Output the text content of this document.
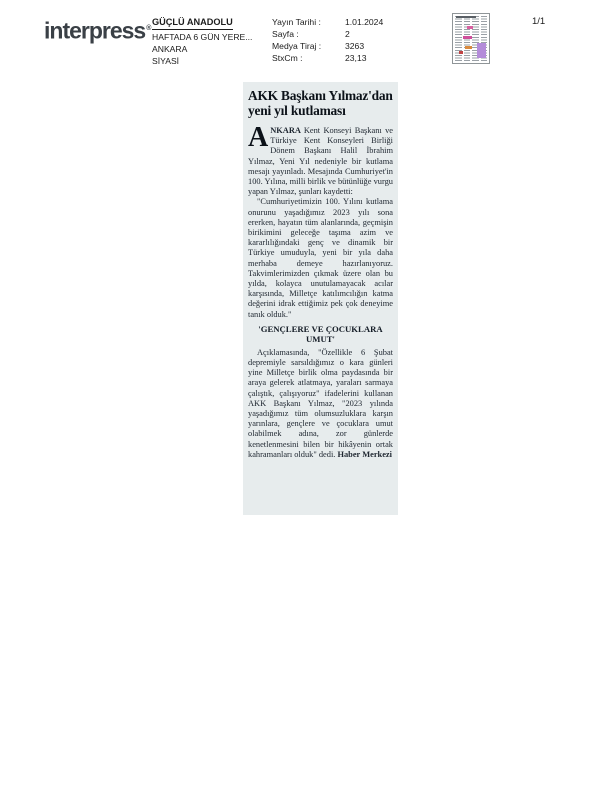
interpress®
GÜÇLÜ ANADOLU
HAFTADA 6 GÜN YERE...
ANKARA
SİYASİ
Yayın Tarihi :	1.01.2024
Sayfa :	2
Medya Tiraj :	3263
StxCm :	23,13
1/1
AKK Başkanı Yılmaz'dan yeni yıl kutlaması

ANKARA Kent Konseyi Başkanı ve Türkiye Kent Konseyleri Birliği Dönem Başkanı Halil İbrahim Yılmaz, Yeni Yıl nedeniyle bir kutlama mesajı yayınladı. Mesajında Cumhuriyet'in 100. Yılına, milli birlik ve bütünlüğe vurgu yapan Yılmaz, şunları kaydetti:

"Cumhuriyetimizin 100. Yılını kutlama onurunu yaşadığımız 2023 yılı sona ererken, hayatın tüm alanlarında, geçmişin birikimini geleceğe taşıma azim ve kararlılığındaki genç ve dinamik bir Türkiye umuduyla, yeni bir yıla daha merhaba demeye hazırlanıyoruz. Takvimlerimizden çıkmak üzere olan bu yılda, kolayca unutulamayacak acılar karşısında, Milletçe katılımcılığın katma değerini idrak ettiğimiz pek çok deneyime tanık olduk."

'GENÇLERE VE ÇOCUKLARA UMUT'

Açıklamasında, "Özellikle 6 Şubat depremiyle sarsıldığımız o kara günleri yine Milletçe birlik olma paydasında bir araya gelerek atlatmaya, yaraları sarmaya çalıştık, çalışıyoruz" ifadelerini kullanan AKK Başkanı Yılmaz, "2023 yılında yaşadığımız tüm olumsuzluklara karşın yarınlara, gençlere ve çocuklara umut olabilmek adına, zor günlerde kenetlenmesini bilen bir hikâyenin ortak kahramanları olduk" dedi. Haber Merkezi
